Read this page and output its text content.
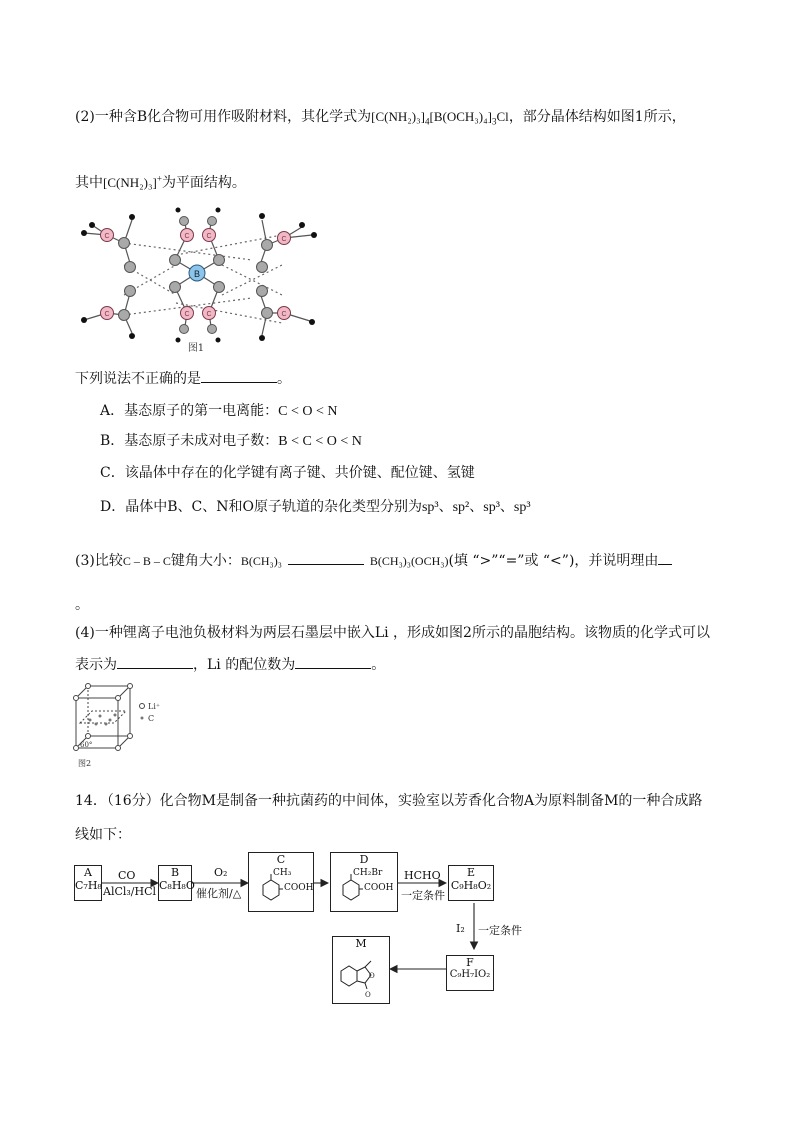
(2)一种含B化合物可用作吸附材料，其化学式为$[C(NH_2)_3]_4[B(OCH_3)_4]_3Cl$，部分晶体结构如图1所示，
其中[C(NH₂)₃]+为平面结构。
C
C
C
C
C C
C C
B
图1
下列说法不正确的是	。
A．基态原子的第一电离能：C < O < N
B．基态原子未成对电子数：B < C < O < N
C．该晶体中存在的化学键有离子键、共价键、配位键、氢键
D．晶体中B、C、N和O原子轨道的杂化类型分别为sp³、sp²、sp³、sp³
(3)比较C – B – C键角大小：B(CH₃)₃	B(CH₃)₃(OCH₃)(填 “>”“=”或 “<”)，并说明理由
。
(4)一种锂离子电池负极材料为两层石墨层中嵌入Li ，形成如图2所示的晶胞结构。该物质的化学式可以
表示为	，Li 的配位数为	。
Li⁺
C
60°
图2
14．（16分）化合物M是制备一种抗菌药的中间体，实验室以芳香化合物A为原料制备M的一种合成路
线如下：
A
C₇H₈
CO
AlCl₃/HCl
B
C₈H₈O
O₂
催化剂/△
C
CH₃
COOH
D
CH₂Br
COOH
HCHO
一定条件
E
C₉H₈O₂
I₂ 一定条件
F
C₉H₇IO₂
M
O
O
